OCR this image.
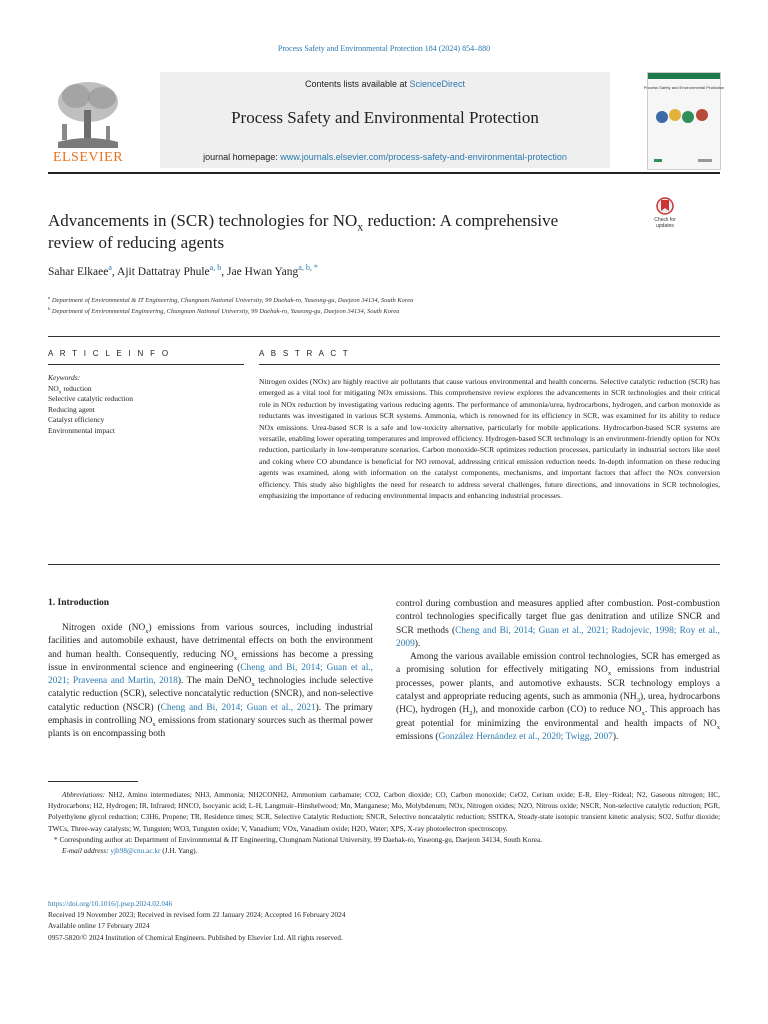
Process Safety and Environmental Protection 184 (2024) 854–880
ELSEVIER
Contents lists available at ScienceDirect
Process Safety and Environmental Protection
journal homepage: www.journals.elsevier.com/process-safety-and-environmental-protection
Process Safety and Environmental Protection
Advancements in (SCR) technologies for $NO_x$ reduction: A comprehensive review of reducing agents
Check for
updates
Sahar Elkaee$^a$, Ajit Dattatray Phule$^{a, b}$, Jae Hwan Yang$^{a, b, *}$
$^a$ Department of Environmental & IT Engineering, Chungnam National University, 99 Daehak-ro, Yuseong-gu, Daejeon 34134, South Korea
$^b$ Department of Environmental Engineering, Chungnam National University, 99 Daehak-ro, Yuseong-gu, Daejeon 34134, South Korea
A R T I C L E I N F O
Keywords:
$NO_x$ reduction
Selective catalytic reduction
Reducing agent
Catalyst efficiency
Environmental impact
A B S T R A C T
Nitrogen oxides (NOx) are highly reactive air pollutants that cause various environmental and health concerns. Selective catalytic reduction (SCR) has emerged as a vital tool for mitigating NOx emissions. This comprehensive review explores the advancements in SCR technologies and their critical role in NOx reduction by investigating various reducing agents. The performance of ammonia/urea, hydrocarbons, hydrogen, and carbon monoxide as reductants was investigated in various SCR systems. Ammonia, which is renowned for its efficiency in SCR, was examined for its ability to reduce NOx emissions. Urea-based SCR is a safe and low-toxicity alternative, particularly for mobile applications. Hydrocarbon-based SCR systems are versatile, enabling lower operating temperatures and improved efficiency. Hydrogen-based SCR technology is an environment-friendly option for NOx reduction, particularly in low-temperature scenarios. Carbon monoxide-SCR optimizes reduction processes, particularly in industrial sectors like steel and coking where CO abundance is beneficial for NO removal, addressing critical emission reduction needs. In-depth information on these reducing agents was examined, along with information on the catalyst components, mechanisms, and important factors that affect the NOx conversion efficiency. This study also highlights the need for research to address several challenges, future directions, and innovations in SCR technologies, emphasizing the importance of reducing environmental impacts and enhancing industrial processes.
1. Introduction

Nitrogen oxide $(NO_x)$ emissions from various sources, including industrial facilities and automobile exhaust, have detrimental effects on both the environment and human health. Consequently, reducing $NO_x$ emissions has become a pressing issue in environmental science and engineering (Cheng and Bi, 2014; Guan et al., 2021; Praveena and Martin, 2018). The main DeNO$_x$ technologies include selective catalytic reduction (SCR), selective noncatalytic reduction (SNCR), and non-selective catalytic reduction (NSCR) (Cheng and Bi, 2014; Guan et al., 2021). The primary emphasis in controlling $NO_x$ emissions from stationary sources such as thermal power plants is on encompassing both

control during combustion and measures applied after combustion. Post-combustion control technologies specifically target flue gas denitration and utilize SNCR and SCR methods (Cheng and Bi, 2014; Guan et al., 2021; Radojevic, 1998; Roy et al., 2009).

Among the various available emission control technologies, SCR has emerged as a promising solution for effectively mitigating $NO_x$ emissions from industrial processes, power plants, and automotive exhausts. SCR technology employs a catalyst and appropriate reducing agents, such as ammonia $(NH_3)$, urea, hydrocarbons (HC), hydrogen $(H_2)$, and monoxide carbon (CO) to reduce $NO_x$. This approach has great potential for minimizing the environmental and health impacts of $NO_x$ emissions (González Hernández et al., 2020; Twigg, 2007).

Abbreviations: NH2, Amino intermediates; NH3, Ammonia; NH2CONH2, Ammonium carbamate; CO2, Carbon dioxide; CO, Carbon monoxide; CeO2, Cerium oxide; E-R, Eley−Rideal; N2, Gaseous nitrogen; HC, Hydrocarbons; H2, Hydrogen; IR, Infrared; HNCO, Isocyanic acid; L-H, Langmuir–Hinshelwood; Mn, Manganese; Mo, Molybdenum; NOx, Nitrogen oxides; N2O, Nitrous oxide; NSCR, Non-selective catalytic reduction; PGR, Polyethylene glycol reduction; C3H6, Propene; TR, Residence times; SCR, Selective Catalytic Reduction; SNCR, Selective noncatalytic reduction; SSITKA, Steady-state isotopic transient kinetic analysis; SO2, Sulfur dioxide; TWCs, Three-way catalysts; W, Tungsten; WO3, Tungsten oxide; V, Vanadium; VOx, Vanadium oxide; H2O, Water; XPS, X-ray photoelectron spectroscopy.

* Corresponding author at: Department of Environmental & IT Engineering, Chungnam National University, 99 Daehak-ro, Yuseong-gu, Daejeon 34134, South Korea.

E-mail address: yjh98@cnu.ac.kr (J.H. Yang).

https://doi.org/10.1016/j.psep.2024.02.046
Received 19 November 2023; Received in revised form 22 January 2024; Accepted 16 February 2024
Available online 17 February 2024
0957-5820/© 2024 Institution of Chemical Engineers. Published by Elsevier Ltd. All rights reserved.
